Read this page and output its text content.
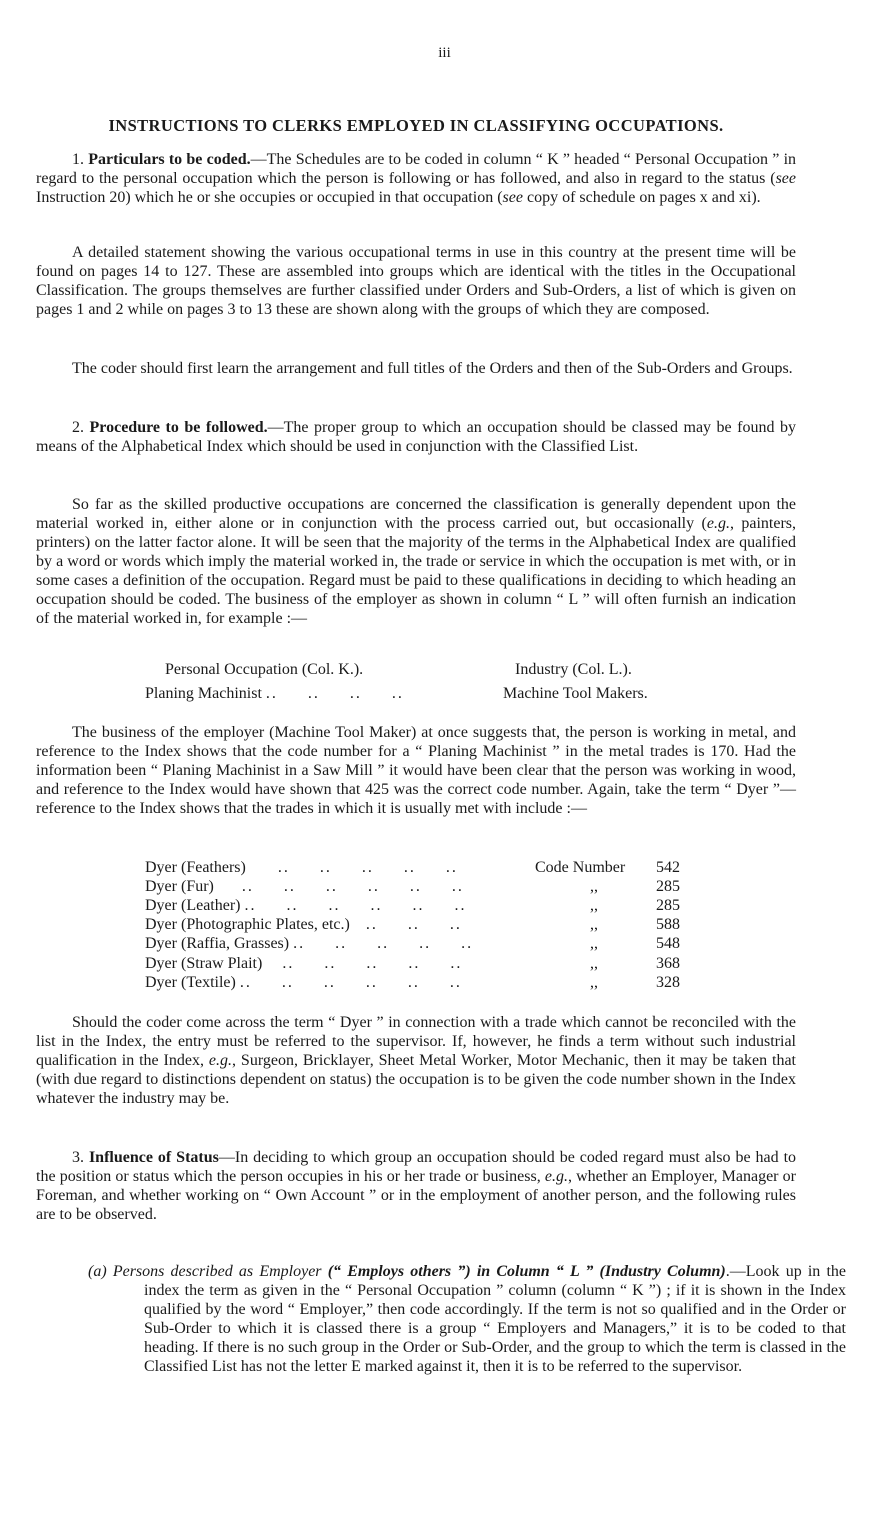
iii
INSTRUCTIONS TO CLERKS EMPLOYED IN CLASSIFYING OCCUPATIONS.

1. Particulars to be coded.—The Schedules are to be coded in column “ K ” headed “ Personal Occupation ” in regard to the personal occupation which the person is following or has followed, and also in regard to the status (see Instruction 20) which he or she occupies or occupied in that occupation (see copy of schedule on pages x and xi).

A detailed statement showing the various occupational terms in use in this country at the present time will be found on pages 14 to 127. These are assembled into groups which are identical with the titles in the Occupational Classification. The groups themselves are further classified under Orders and Sub-Orders, a list of which is given on pages 1 and 2 while on pages 3 to 13 these are shown along with the groups of which they are composed.

The coder should first learn the arrangement and full titles of the Orders and then of the Sub-Orders and Groups.

2. Procedure to be followed.—The proper group to which an occupation should be classed may be found by means of the Alphabetical Index which should be used in conjunction with the Classified List.

So far as the skilled productive occupations are concerned the classification is generally dependent upon the material worked in, either alone or in conjunction with the process carried out, but occasionally (e.g., painters, printers) on the latter factor alone. It will be seen that the majority of the terms in the Alphabetical Index are qualified by a word or words which imply the material worked in, the trade or service in which the occupation is met with, or in some cases a definition of the occupation. Regard must be paid to these qualifications in deciding to which heading an occupation should be coded. The business of the employer as shown in column “ L ” will often furnish an indication of the material worked in, for example :—

Personal Occupation (Col. K.).	Industry (Col. L.).
Planing Machinist ..     ..     ..     ..	Machine Tool Makers.

The business of the employer (Machine Tool Maker) at once suggests that, the person is working in metal, and reference to the Index shows that the code number for a “ Planing Machinist ” in the metal trades is 170. Had the information been “ Planing Machinist in a Saw Mill ” it would have been clear that the person was working in wood, and reference to the Index would have shown that 425 was the correct code number. Again, take the term “ Dyer ”—reference to the Index shows that the trades in which it is usually met with include :—

Dyer (Feathers) ..     ..     ..     ..     ..	Code Number	542
Dyer (Fur) ..     ..     ..     ..     ..     ..	,,	285
Dyer (Leather) ..     ..     ..     ..     ..     ..	,,	285
Dyer (Photographic Plates, etc.) ..     ..     ..	,,	588
Dyer (Raffia, Grasses) ..     ..     ..     ..     ..	,,	548
Dyer (Straw Plait) ..     ..     ..     ..     ..	,,	368
Dyer (Textile) ..     ..     ..     ..     ..     ..	,,	328

Should the coder come across the term “ Dyer ” in connection with a trade which cannot be reconciled with the list in the Index, the entry must be referred to the supervisor. If, however, he finds a term without such industrial qualification in the Index, e.g., Surgeon, Bricklayer, Sheet Metal Worker, Motor Mechanic, then it may be taken that (with due regard to distinctions dependent on status) the occupation is to be given the code number shown in the Index whatever the industry may be.

3. Influence of Status—In deciding to which group an occupation should be coded regard must also be had to the position or status which the person occupies in his or her trade or business, e.g., whether an Employer, Manager or Foreman, and whether working on “ Own Account ” or in the employment of another person, and the following rules are to be observed.

(a) Persons described as Employer (“ Employs others ”) in Column “ L ” (Industry Column).—Look up in the index the term as given in the “ Personal Occupation ” column (column “ K ”) ; if it is shown in the Index qualified by the word “ Employer,” then code accordingly. If the term is not so qualified and in the Order or Sub-Order to which it is classed there is a group “ Employers and Managers,” it is to be coded to that heading. If there is no such group in the Order or Sub-Order, and the group to which the term is classed in the Classified List has not the letter E marked against it, then it is to be referred to the supervisor.
